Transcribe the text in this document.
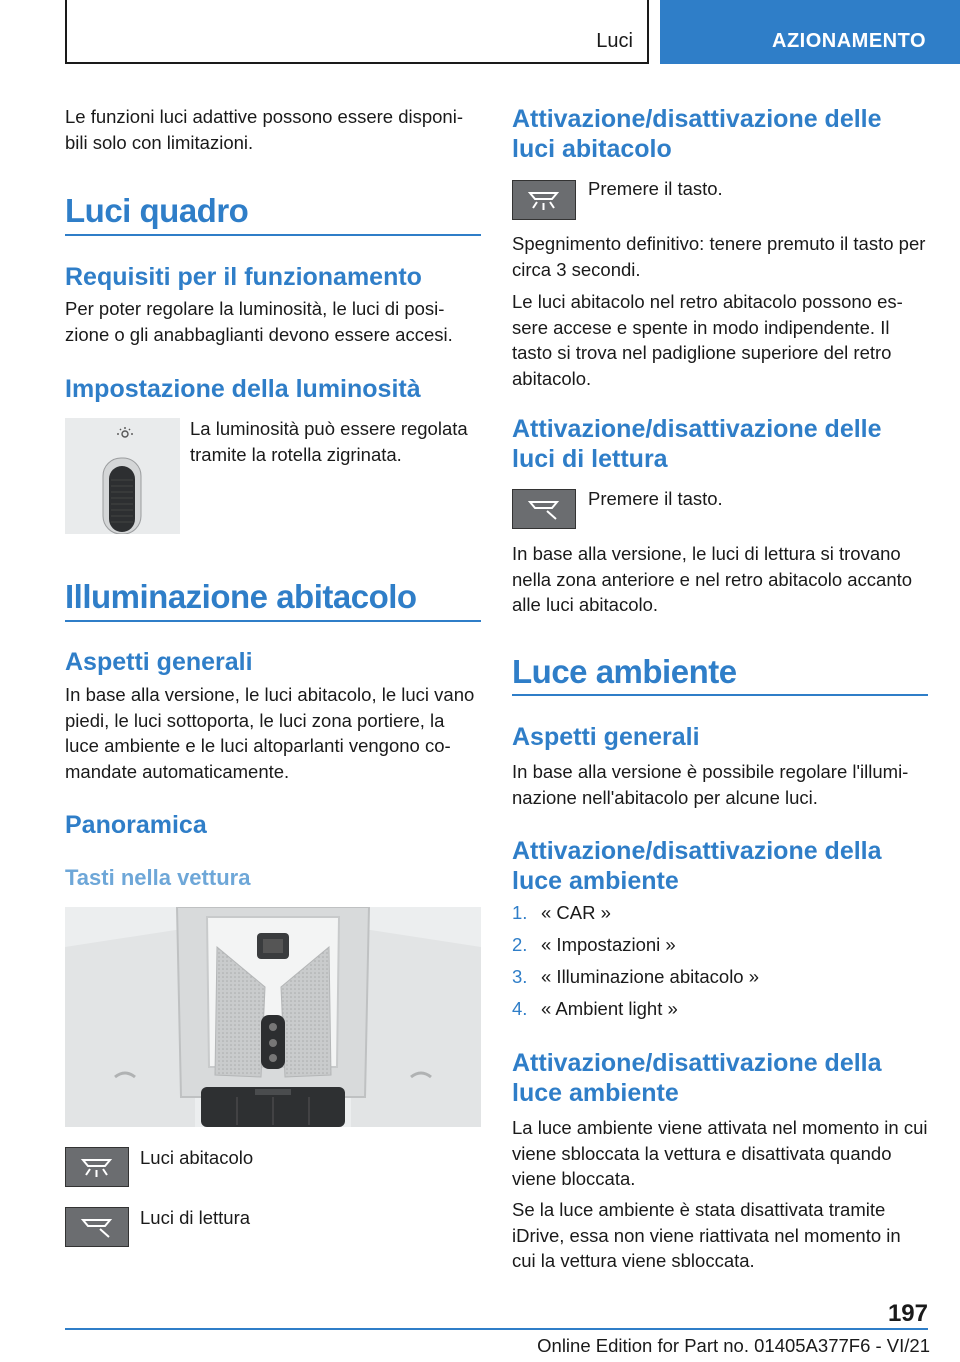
Luci	AZIONAMENTO
Le funzioni luci adattive possono essere disponi-bili solo con limitazioni.
Luci quadro
Requisiti per il funzionamento
Per poter regolare la luminosità, le luci di posi-zione o gli anabbaglianti devono essere accesi.
Impostazione della luminosità
La luminosità può essere regolata tramite la rotella zigrinata.
Illuminazione abitacolo
Aspetti generali
In base alla versione, le luci abitacolo, le luci vano piedi, le luci sottoporta, le luci zona portiere, la luce ambiente e le luci altoparlanti vengono co-mandate automaticamente.
Panoramica
Tasti nella vettura
Luci abitacolo
Luci di lettura
Attivazione/disattivazione delle luci abitacolo
Premere il tasto.
Spegnimento definitivo: tenere premuto il tasto per circa 3 secondi.
Le luci abitacolo nel retro abitacolo possono es-sere accese e spente in modo indipendente. Il tasto si trova nel padiglione superiore del retro abitacolo.
Attivazione/disattivazione delle luci di lettura
Premere il tasto.
In base alla versione, le luci di lettura si trovano nella zona anteriore e nel retro abitacolo accanto alle luci abitacolo.
Luce ambiente
Aspetti generali
In base alla versione è possibile regolare l'illumi-nazione nell'abitacolo per alcune luci.
Attivazione/disattivazione della luce ambiente
1. « CAR »
2. « Impostazioni »
3. « Illuminazione abitacolo »
4. « Ambient light »
Attivazione/disattivazione della luce ambiente
La luce ambiente viene attivata nel momento in cui viene sbloccata la vettura e disattivata quando viene bloccata.
Se la luce ambiente è stata disattivata tramite iDrive, essa non viene riattivata nel momento in cui la vettura viene sbloccata.
197
Online Edition for Part no. 01405A377F6 - VI/21
